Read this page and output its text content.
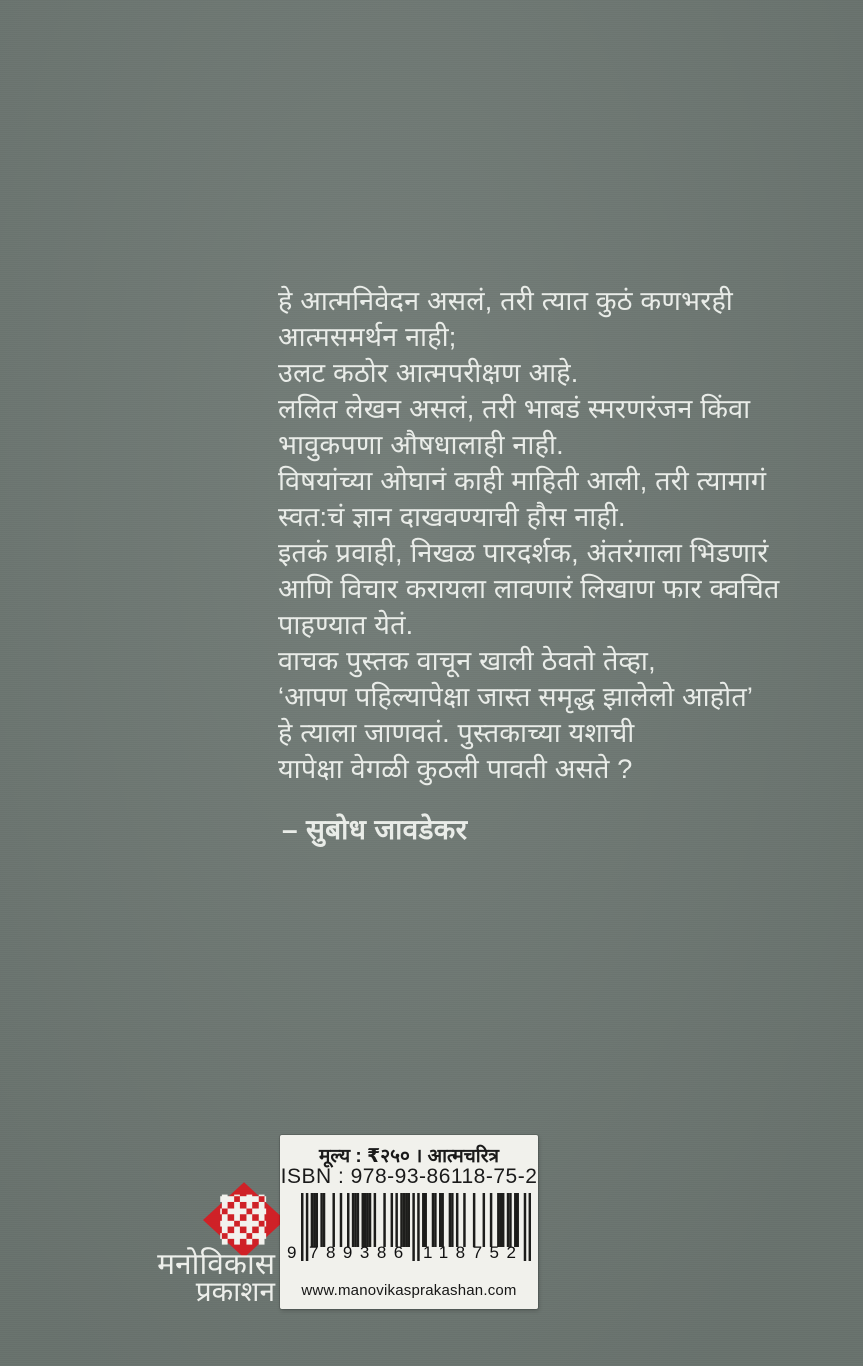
हे आत्मनिवेदन असलं, तरी त्यात कुठं कणभरही
आत्मसमर्थन नाही;
उलट कठोर आत्मपरीक्षण आहे.
ललित लेखन असलं, तरी भाबडं स्मरणरंजन किंवा
भावुकपणा औषधालाही नाही.
विषयांच्या ओघानं काही माहिती आली, तरी त्यामागं
स्वत:चं ज्ञान दाखवण्याची हौस नाही.
इतकं प्रवाही, निखळ पारदर्शक, अंतरंगाला भिडणारं
आणि विचार करायला लावणारं लिखाण फार क्वचित
पाहण्यात येतं.
वाचक पुस्तक वाचून खाली ठेवतो तेव्हा,
‘आपण पहिल्यापेक्षा जास्त समृद्ध झालेलो आहोत’
हे त्याला जाणवतं. पुस्तकाच्या यशाची
यापेक्षा वेगळी कुठली पावती असते ?
– सुबोध जावडेकर
मनोविकास
प्रकाशन
मूल्य : ₹२५० । आत्मचरित्र
ISBN : 978-93-86118-75-2
9 789386 118752
www.manovikasprakashan.com
